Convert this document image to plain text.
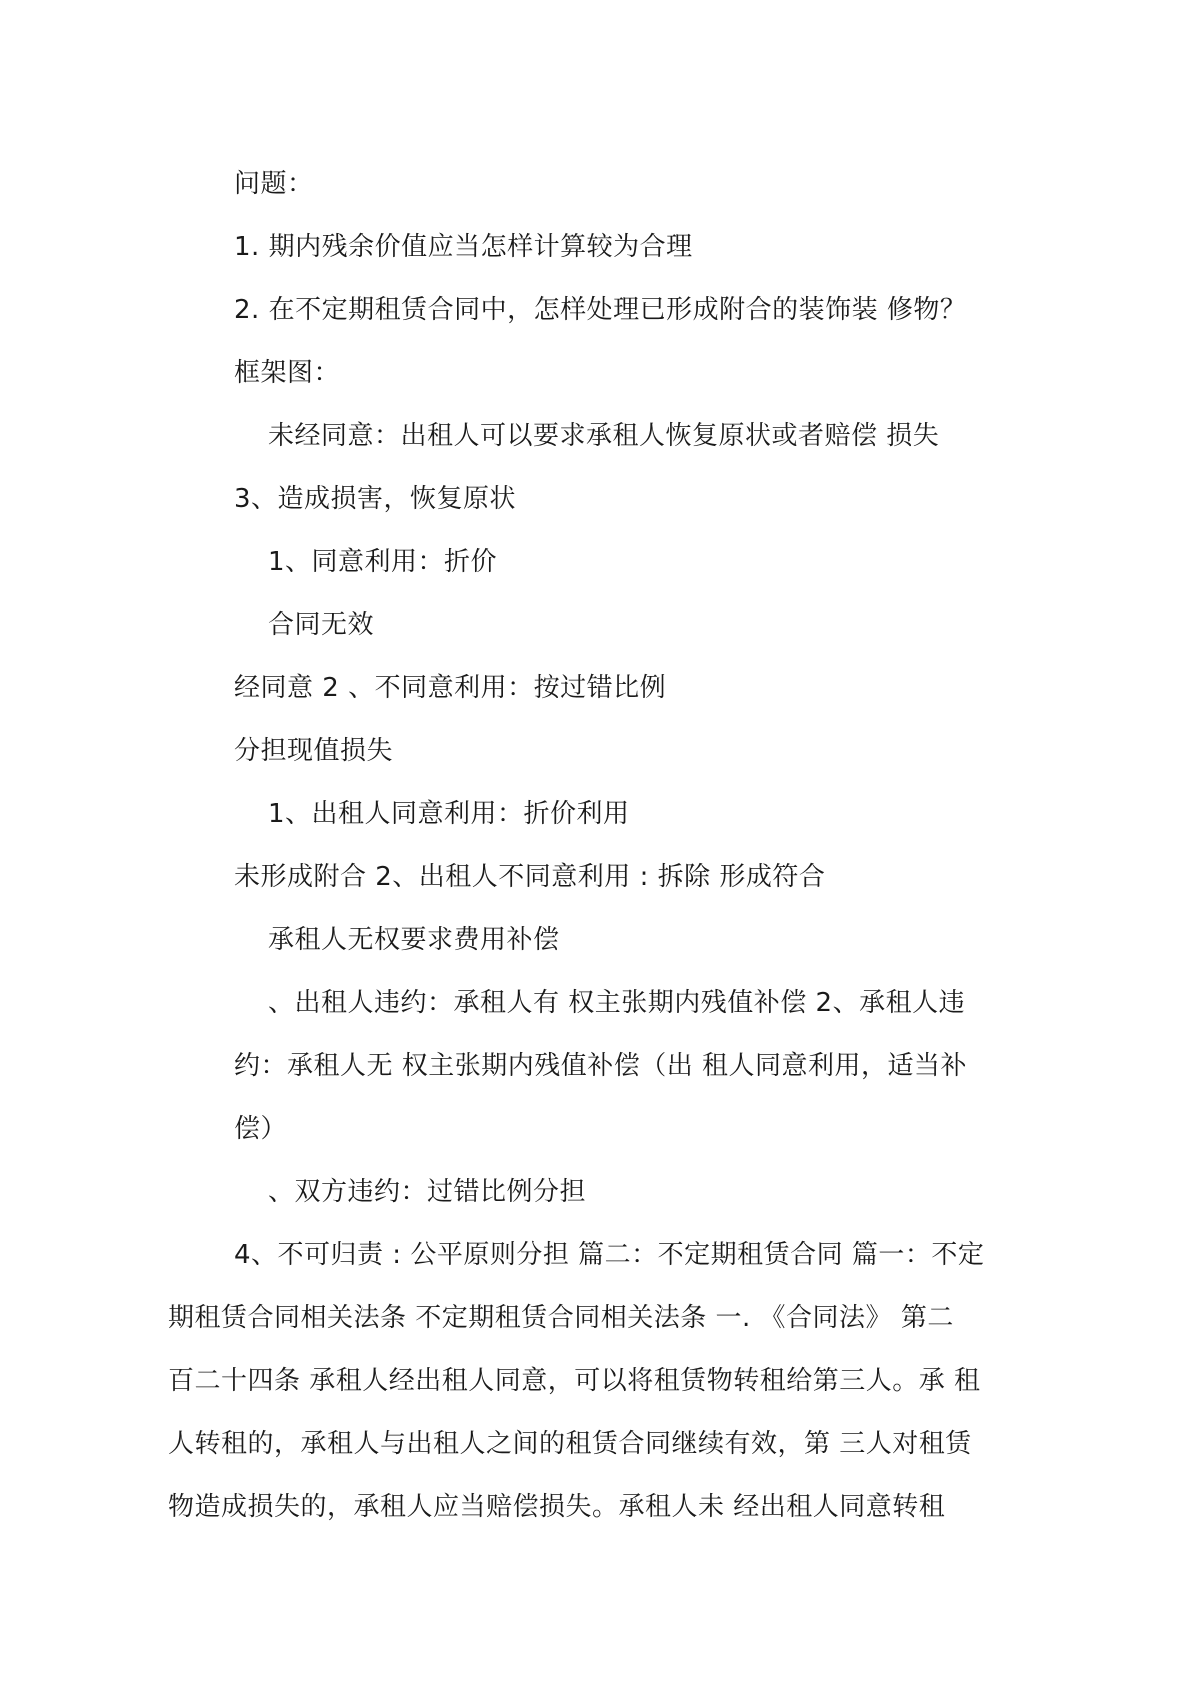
问题：
1. 期内残余价值应当怎样计算较为合理
2. 在不定期租赁合同中，怎样处理已形成附合的装饰装 修物？
框架图：
未经同意：出租人可以要求承租人恢复原状或者赔偿 损失
3、造成损害，恢复原状
1、同意利用：折价
合同无效
经同意 2 、不同意利用：按过错比例
分担现值损失
1、出租人同意利用：折价利用
未形成附合 2、出租人不同意利用 : 拆除 形成符合
承租人无权要求费用补偿
、出租人违约：承租人有 权主张期内残值补偿 2、承租人违
约：承租人无 权主张期内残值补偿（出 租人同意利用，适当补
偿）
、双方违约：过错比例分担
4、不可归责 : 公平原则分担 篇二：不定期租赁合同 篇一：不定
期租赁合同相关法条 不定期租赁合同相关法条 一. 《合同法》 第二
百二十四条 承租人经出租人同意，可以将租赁物转租给第三人。承 租
人转租的，承租人与出租人之间的租赁合同继续有效，第 三人对租赁
物造成损失的，承租人应当赔偿损失。承租人未 经出租人同意转租
